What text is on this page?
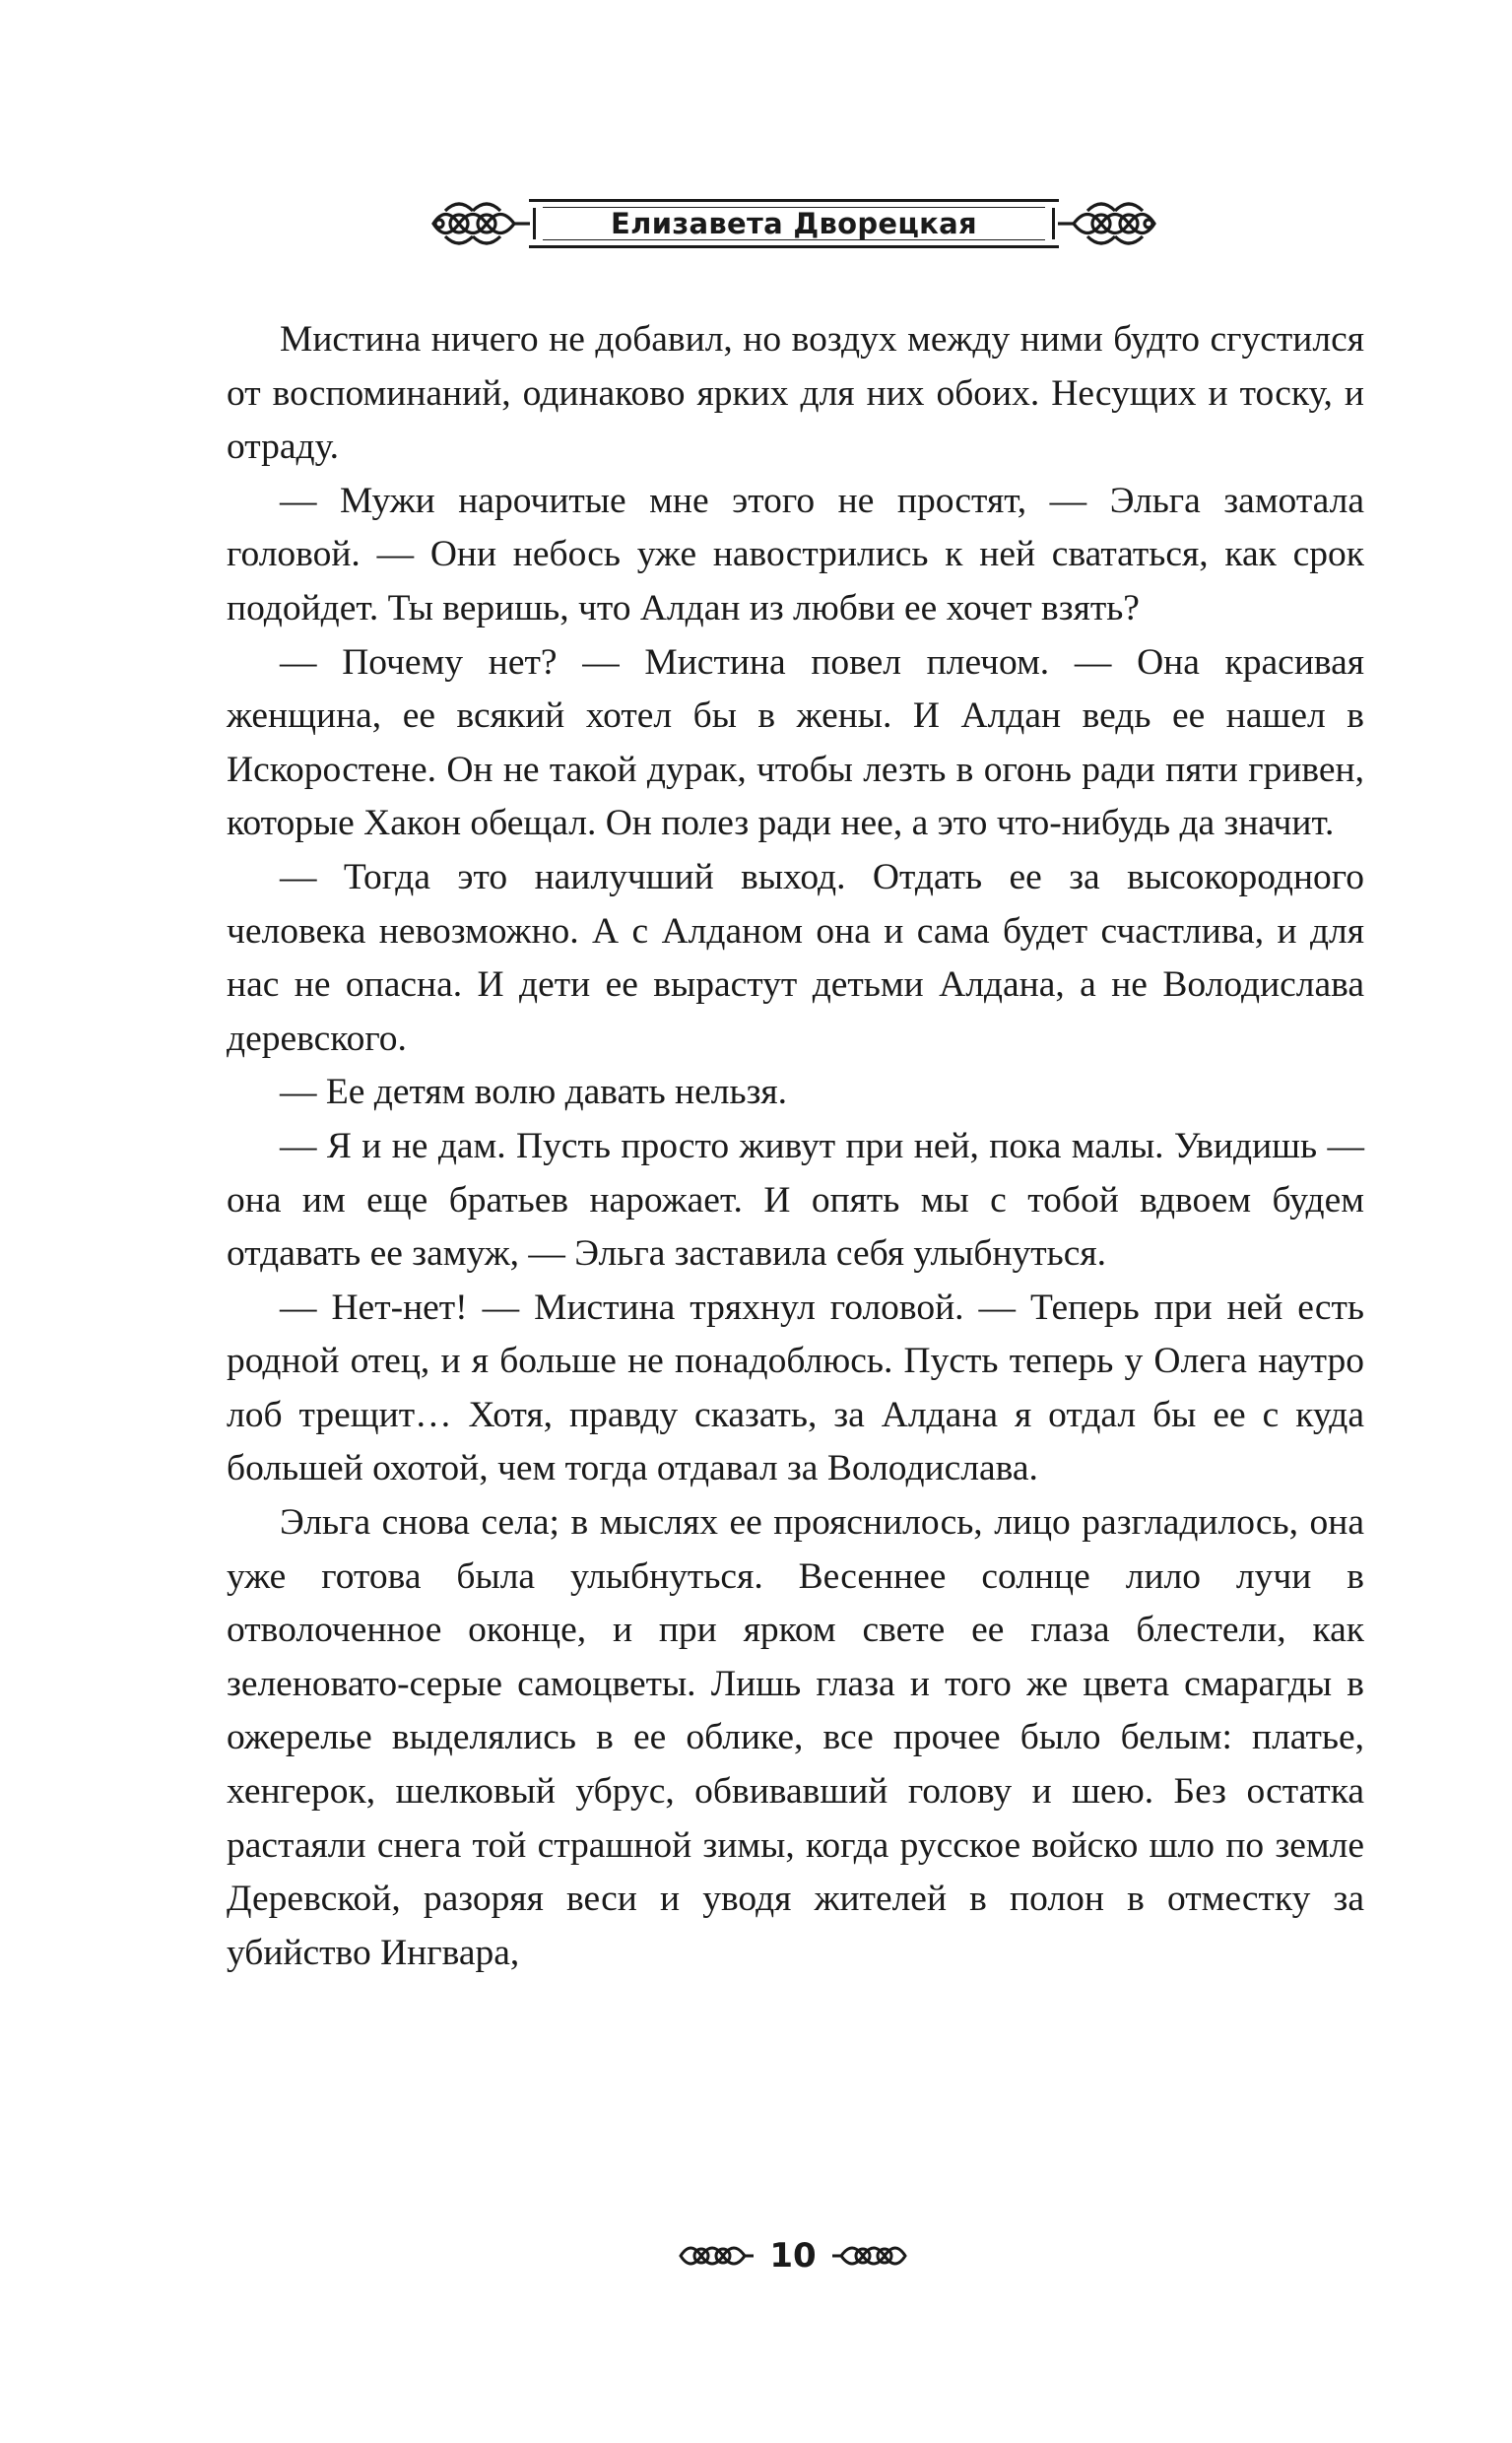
Елизавета Дворецкая

Мистина ничего не добавил, но воздух между ними будто сгустился от воспоминаний, одинаково ярких для них обоих. Несущих и тоску, и отраду.

— Мужи нарочитые мне этого не простят, — Эльга замотала головой. — Они небось уже навострились к ней свататься, как срок подойдет. Ты веришь, что Алдан из любви ее хочет взять?

— Почему нет? — Мистина повел плечом. — Она красивая женщина, ее всякий хотел бы в жены. И Алдан ведь ее нашел в Искоростене. Он не такой дурак, чтобы лезть в огонь ради пяти гривен, которые Хакон обещал. Он полез ради нее, а это что-нибудь да значит.

— Тогда это наилучший выход. Отдать ее за высокородного человека невозможно. А с Алданом она и сама будет счастлива, и для нас не опасна. И дети ее вырастут детьми Алдана, а не Володислава деревского.

— Ее детям волю давать нельзя.

— Я и не дам. Пусть просто живут при ней, пока малы. Увидишь — она им еще братьев нарожает. И опять мы с тобой вдвоем будем отдавать ее замуж, — Эльга заставила себя улыбнуться.

— Нет-нет! — Мистина тряхнул головой. — Теперь при ней есть родной отец, и я больше не понадоблюсь. Пусть теперь у Олега наутро лоб трещит… Хотя, правду сказать, за Алдана я отдал бы ее с куда большей охотой, чем тогда отдавал за Володислава.

Эльга снова села; в мыслях ее прояснилось, лицо разгладилось, она уже готова была улыбнуться. Весеннее солнце лило лучи в отволоченное оконце, и при ярком свете ее глаза блестели, как зеленовато-серые самоцветы. Лишь глаза и того же цвета смарагды в ожерелье выделялись в ее облике, все прочее было белым: платье, хенгерок, шелковый убрус, обвивавший голову и шею. Без остатка растаяли снега той страшной зимы, когда русское войско шло по земле Деревской, разоряя веси и уводя жителей в полон в отместку за убийство Ингвара,

10
